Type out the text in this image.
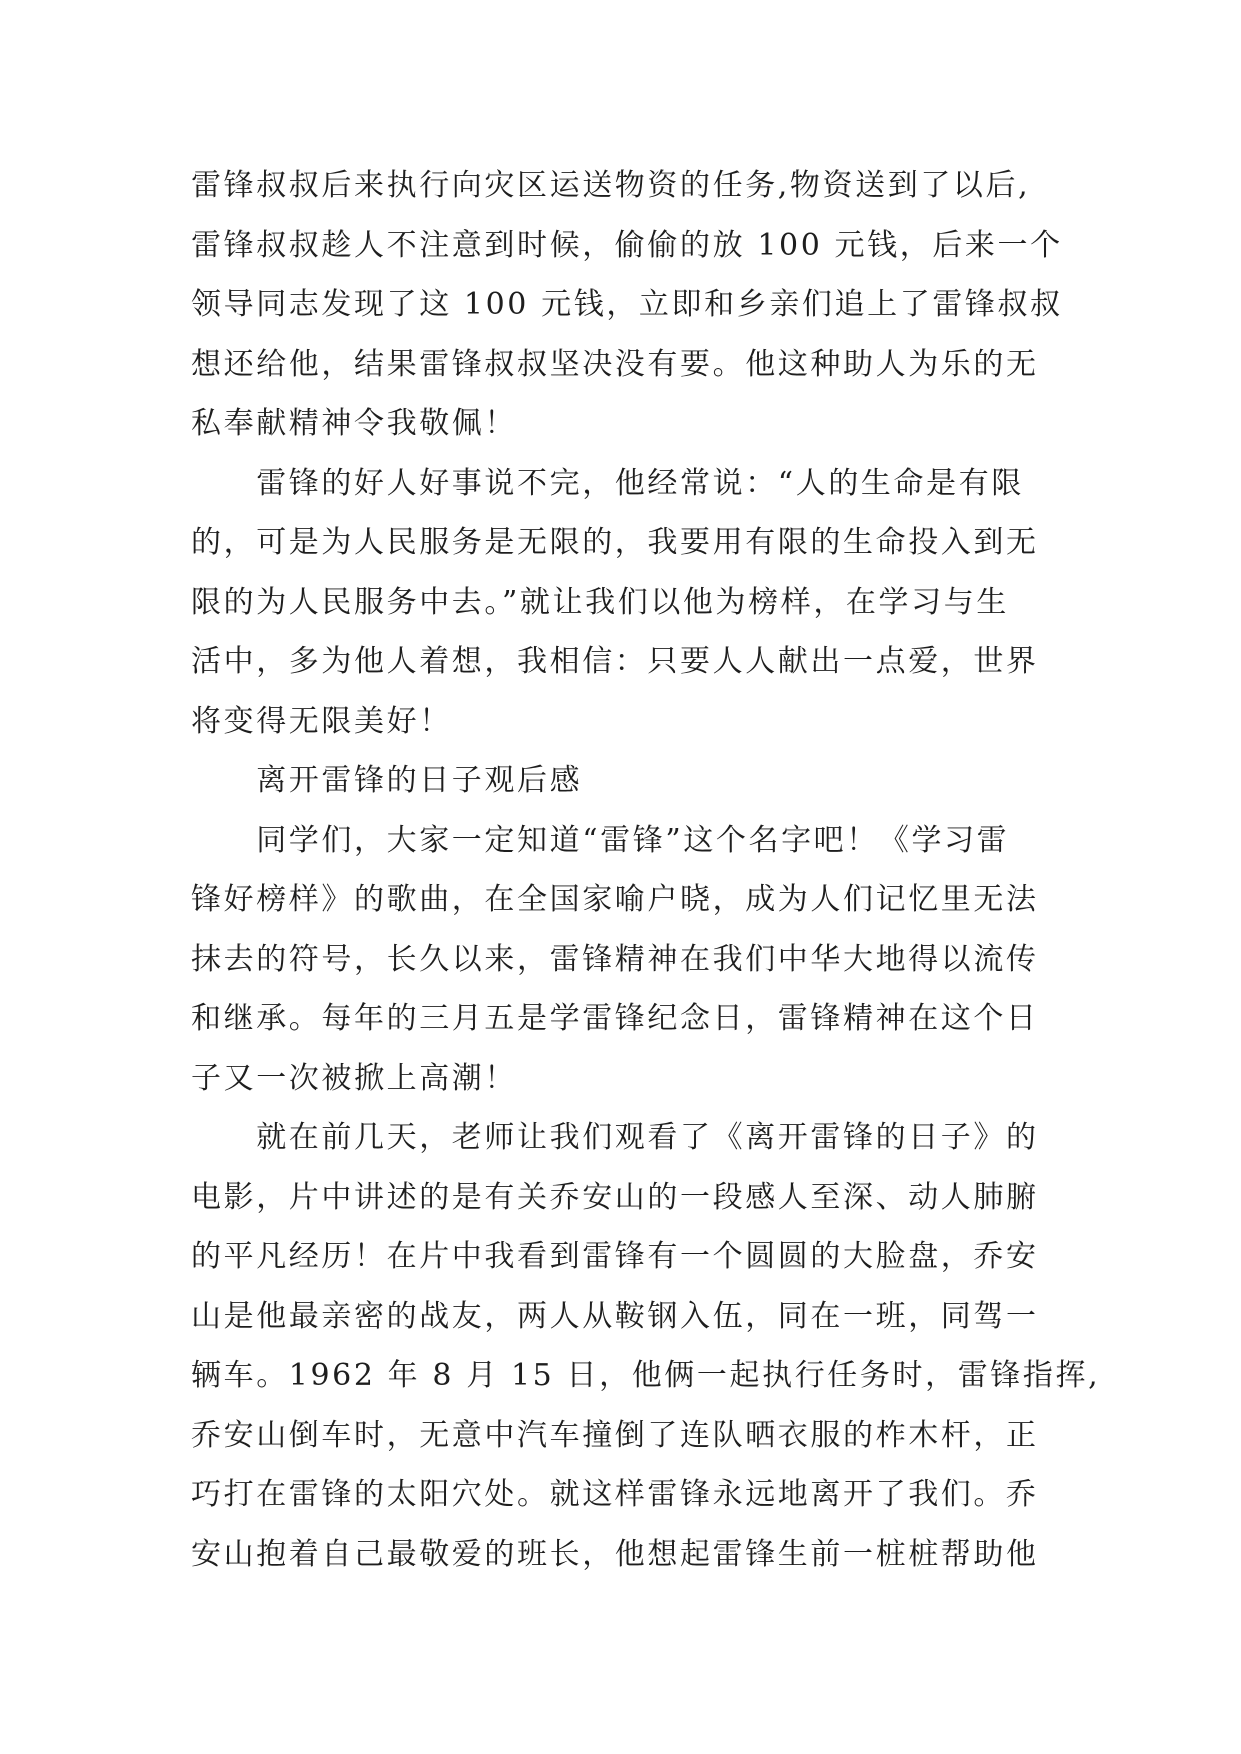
雷锋叔叔后来执行向灾区运送物资的任务,物资送到了以后,
雷锋叔叔趁人不注意到时候，偷偷的放 100 元钱，后来一个
领导同志发现了这 100 元钱，立即和乡亲们追上了雷锋叔叔
想还给他，结果雷锋叔叔坚决没有要。他这种助人为乐的无
私奉献精神令我敬佩！
　　雷锋的好人好事说不完，他经常说：“人的生命是有限
的，可是为人民服务是无限的，我要用有限的生命投入到无
限的为人民服务中去。”就让我们以他为榜样，在学习与生
活中，多为他人着想，我相信：只要人人献出一点爱，世界
将变得无限美好！
　　离开雷锋的日子观后感
　　同学们，大家一定知道“雷锋”这个名字吧！《学习雷
锋好榜样》的歌曲，在全国家喻户晓，成为人们记忆里无法
抹去的符号，长久以来，雷锋精神在我们中华大地得以流传
和继承。每年的三月五是学雷锋纪念日，雷锋精神在这个日
子又一次被掀上高潮！
　　就在前几天，老师让我们观看了《离开雷锋的日子》的
电影，片中讲述的是有关乔安山的一段感人至深、动人肺腑
的平凡经历！在片中我看到雷锋有一个圆圆的大脸盘，乔安
山是他最亲密的战友，两人从鞍钢入伍，同在一班，同驾一
辆车。1962 年 8 月 15 日，他俩一起执行任务时，雷锋指挥,
乔安山倒车时，无意中汽车撞倒了连队晒衣服的柞木杆，正
巧打在雷锋的太阳穴处。就这样雷锋永远地离开了我们。乔
安山抱着自己最敬爱的班长，他想起雷锋生前一桩桩帮助他
